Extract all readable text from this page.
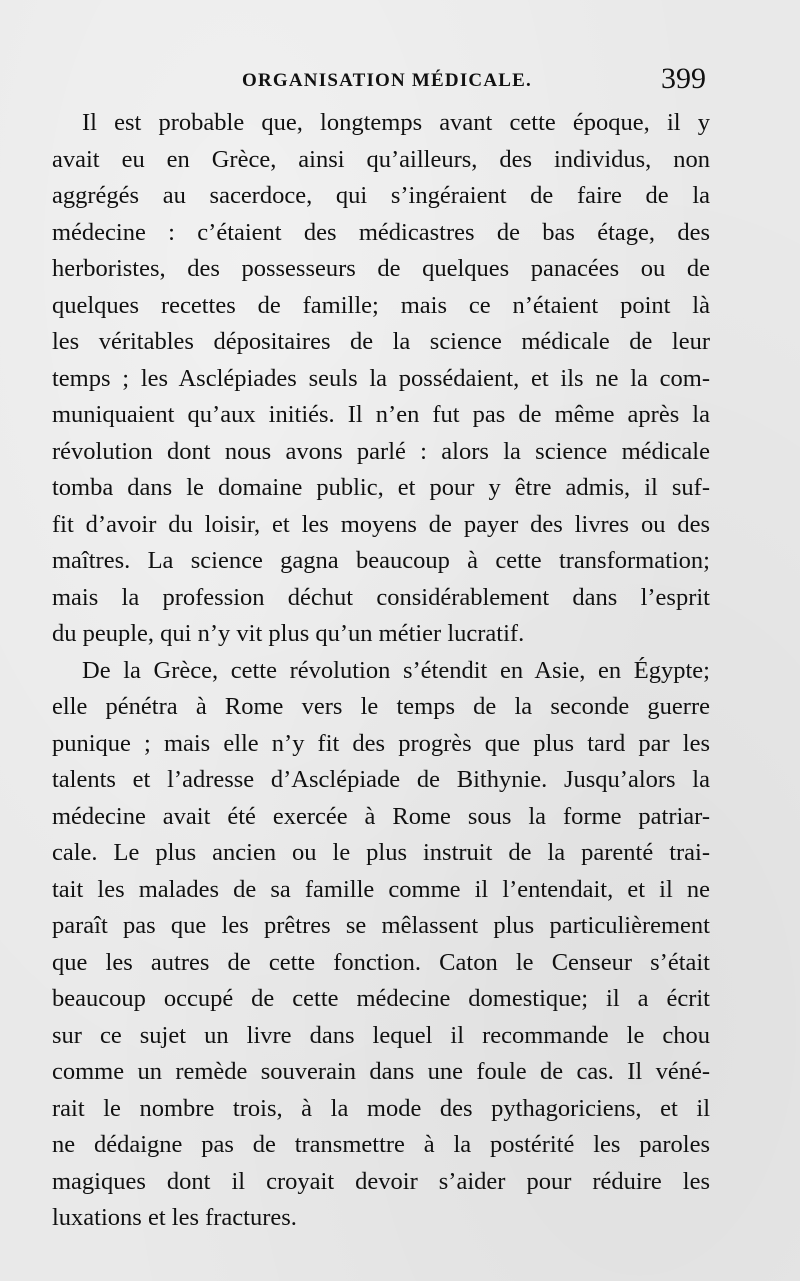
ORGANISATION MÉDICALE.	399
Il est probable que, longtemps avant cette époque, il y
avait eu en Grèce, ainsi qu’ailleurs, des individus, non
aggrégés au sacerdoce, qui s’ingéraient de faire de la
médecine : c’étaient des médicastres de bas étage, des
herboristes, des possesseurs de quelques panacées ou de
quelques recettes de famille; mais ce n’étaient point là
les véritables dépositaires de la science médicale de leur
temps ; les Asclépiades seuls la possédaient, et ils ne la com-
muniquaient qu’aux initiés. Il n’en fut pas de même après la
révolution dont nous avons parlé : alors la science médicale
tomba dans le domaine public, et pour y être admis, il suf-
fit d’avoir du loisir, et les moyens de payer des livres ou des
maîtres. La science gagna beaucoup à cette transformation;
mais la profession déchut considérablement dans l’esprit
du peuple, qui n’y vit plus qu’un métier lucratif.
De la Grèce, cette révolution s’étendit en Asie, en Égypte;
elle pénétra à Rome vers le temps de la seconde guerre
punique ; mais elle n’y fit des progrès que plus tard par les
talents et l’adresse d’Asclépiade de Bithynie. Jusqu’alors la
médecine avait été exercée à Rome sous la forme patriar-
cale. Le plus ancien ou le plus instruit de la parenté trai-
tait les malades de sa famille comme il l’entendait, et il ne
paraît pas que les prêtres se mêlassent plus particulièrement
que les autres de cette fonction. Caton le Censeur s’était
beaucoup occupé de cette médecine domestique; il a écrit
sur ce sujet un livre dans lequel il recommande le chou
comme un remède souverain dans une foule de cas. Il véné-
rait le nombre trois, à la mode des pythagoriciens, et il
ne dédaigne pas de transmettre à la postérité les paroles
magiques dont il croyait devoir s’aider pour réduire les
luxations et les fractures.
